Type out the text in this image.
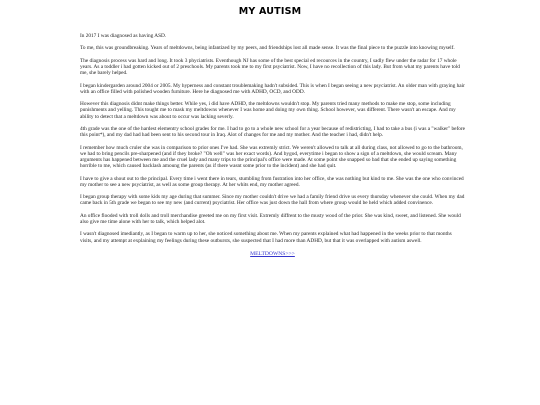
MY AUTISM

In 2017 I was diagnosed as having ASD.

To me, this was groundbreaking. Years of meltdowns, being infantized by my peers, and friendships lost all made sense. It was the final piece to the puzzle into knowing myself.

The diagnosis process was hard and long. It took 3 phyciatrists. Eventhough NJ has some of the best special ed recources in the country, I sadly flew under the radar for 17 whole years. As a toddler i had gotten kicked out of 2 preschools. My parents took me to my first psyciatrist. Now, I have no recollection of this lady. But from what my parents have told me, she barely helped.

I began kindergarden around 2004 or 2005. My hyperness and constant troublemaking hadn't subsided. This is when I began seeing a new psyciatrist. An older man with graying hair with an office filled with polished wooden furniture. Here he diagnosed me with ADHD, OCD, and ODD.

However this diagnosis didnt make things better. While yes, i did have ADHD, the meltdowns wouldn't stop. My parents tried many methods to make me stop, some including punishments and yelling. This tought me to mask my meltdowns whenever I was home and doing my own thing. School however, was different. There wasn't an escape. And my ability to detect that a meltdown was about to occur was lacking severly.

4th grade was the one of the hardest elementry school grades for me. I had to go to a whole new school for a year because of redistricting, I had to take a bus (i was a "walker" before this point*), and my dad had had been sent to his second tour in Iraq. Alot of changes for me and my mother. And the teacher i had, didn't help.

I remember how much cruler she was in comparison to prior ones I've had. She was extremly strict. We weren't allowed to talk at all during class, not allowed to go to the bathroom, we had to bring pencils pre-sharpened (and if they broke? "Oh well" was her exact words). And bygod, everytime i began to show a sign of a meltdown, she would scream. Many arguments has happened between me and the cruel lady and many trips to the principal's office were made. At some point she snapped so bad that she ended up saying something horrible to me, which caused backlash amoung the parents (as if there wasnt some prior to the incident) and she had quit.

I have to give a shout out to the principal. Every time i went there in tears, stumbling from fustration into her office, she was nothing but kind to me. She was the one who convinced my mother to see a new psyciatrist, as well as some group therapy. At her whits end, my mother agreed.

I began group therapy with some kids my age during that summer. Since my mother couldn't drive we had a family friend drive us every thursday whenever she could. When my dad came back in 5th grade we began to see my new (and current) psyciatrist. Her office was just down the hall from where group would be held which added convinence.

An office flooded with troll dolls and troll merchandise greeted me on my first visit. Extremly diffrent to the musty wood of the prior. She was kind, sweet, and listened. She would also give me time alone with her to talk, which helped alot.

I wasn't diagnosed imediantly, as I began to warm up to her, she noticed something about me. When my parents explained what had happened in the weeks prior to that months visits, and my attempt at explaining my feelings during these outbursts, she suspected that I had more than ADHD, but that it was overlapped with autism aswell.

MELTDOWNS>>>
